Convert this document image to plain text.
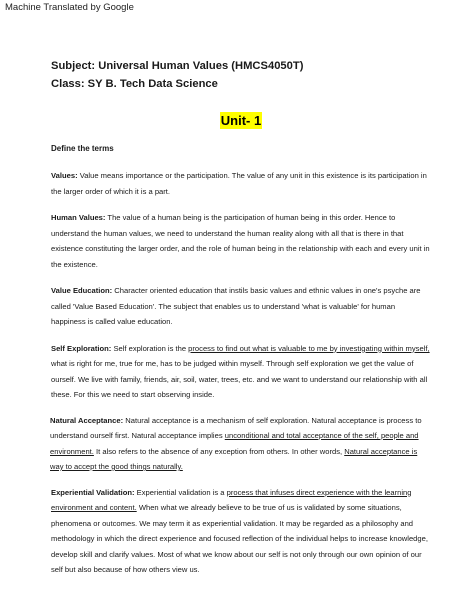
Machine Translated by Google

Subject: Universal Human Values (HMCS4050T)

Class: SY B. Tech Data Science

Unit- 1
Define the terms

Values: Value means importance or the participation. The value of any unit in this existence is its participation in the larger order of which it is a part.

Human Values: The value of a human being is the participation of human being in this order. Hence to understand the human values, we need to understand the human reality along with all that is there in that existence constituting the larger order, and the role of human being in the relationship with each and every unit in the existence.

Value Education: Character oriented education that instils basic values and ethnic values in one's psyche are called 'Value Based Education'. The subject that enables us to understand 'what is valuable' for human happiness is called value education.

Self Exploration: Self exploration is the process to find out what is valuable to me by investigating within myself, what is right for me, true for me, has to be judged within myself. Through self exploration we get the value of ourself. We live with family, friends, air, soil, water, trees, etc. and we want to understand our relationship with all these. For this we need to start observing inside.

Natural Acceptance: Natural acceptance is a mechanism of self exploration. Natural acceptance is process to understand ourself first. Natural acceptance implies unconditional and total acceptance of the self, people and environment. It also refers to the absence of any exception from others. In other words, Natural acceptance is way to accept the good things naturally.

Experiential Validation: Experiential validation is a process that infuses direct experience with the learning environment and content. When what we already believe to be true of us is validated by some situations, phenomena or outcomes. We may term it as experiential validation. It may be regarded as a philosophy and methodology in which the direct experience and focused reflection of the individual helps to increase knowledge, develop skill and clarify values. Most of what we know about our self is not only through our own opinion of our self but also because of how others view us.
